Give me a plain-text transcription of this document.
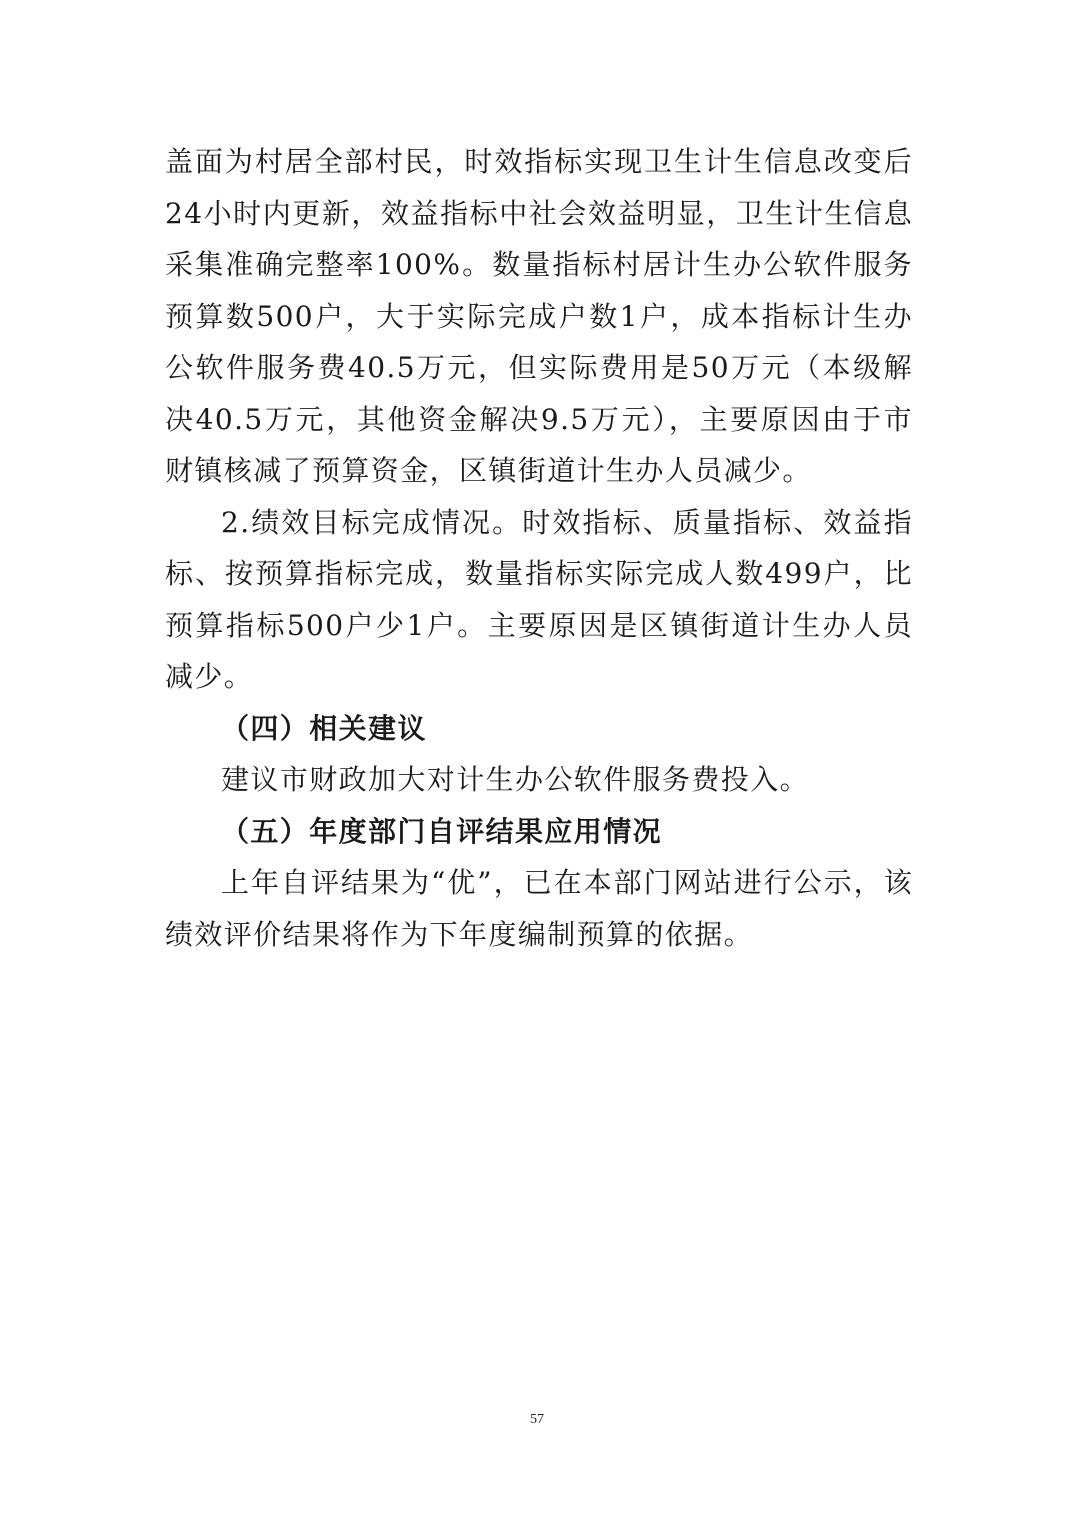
盖面为村居全部村民，时效指标实现卫生计生信息改变后24小时内更新，效益指标中社会效益明显，卫生计生信息采集准确完整率100%。数量指标村居计生办公软件服务预算数500户，大于实际完成户数1户，成本指标计生办公软件服务费40.5万元，但实际费用是50万元（本级解决40.5万元，其他资金解决9.5万元），主要原因由于市财镇核减了预算资金，区镇街道计生办人员减少。

2.绩效目标完成情况。时效指标、质量指标、效益指标、按预算指标完成，数量指标实际完成人数499户，比预算指标500户少1户。主要原因是区镇街道计生办人员减少。

（四）相关建议

建议市财政加大对计生办公软件服务费投入。

（五）年度部门自评结果应用情况

上年自评结果为“优”，已在本部门网站进行公示，该绩效评价结果将作为下年度编制预算的依据。

57
